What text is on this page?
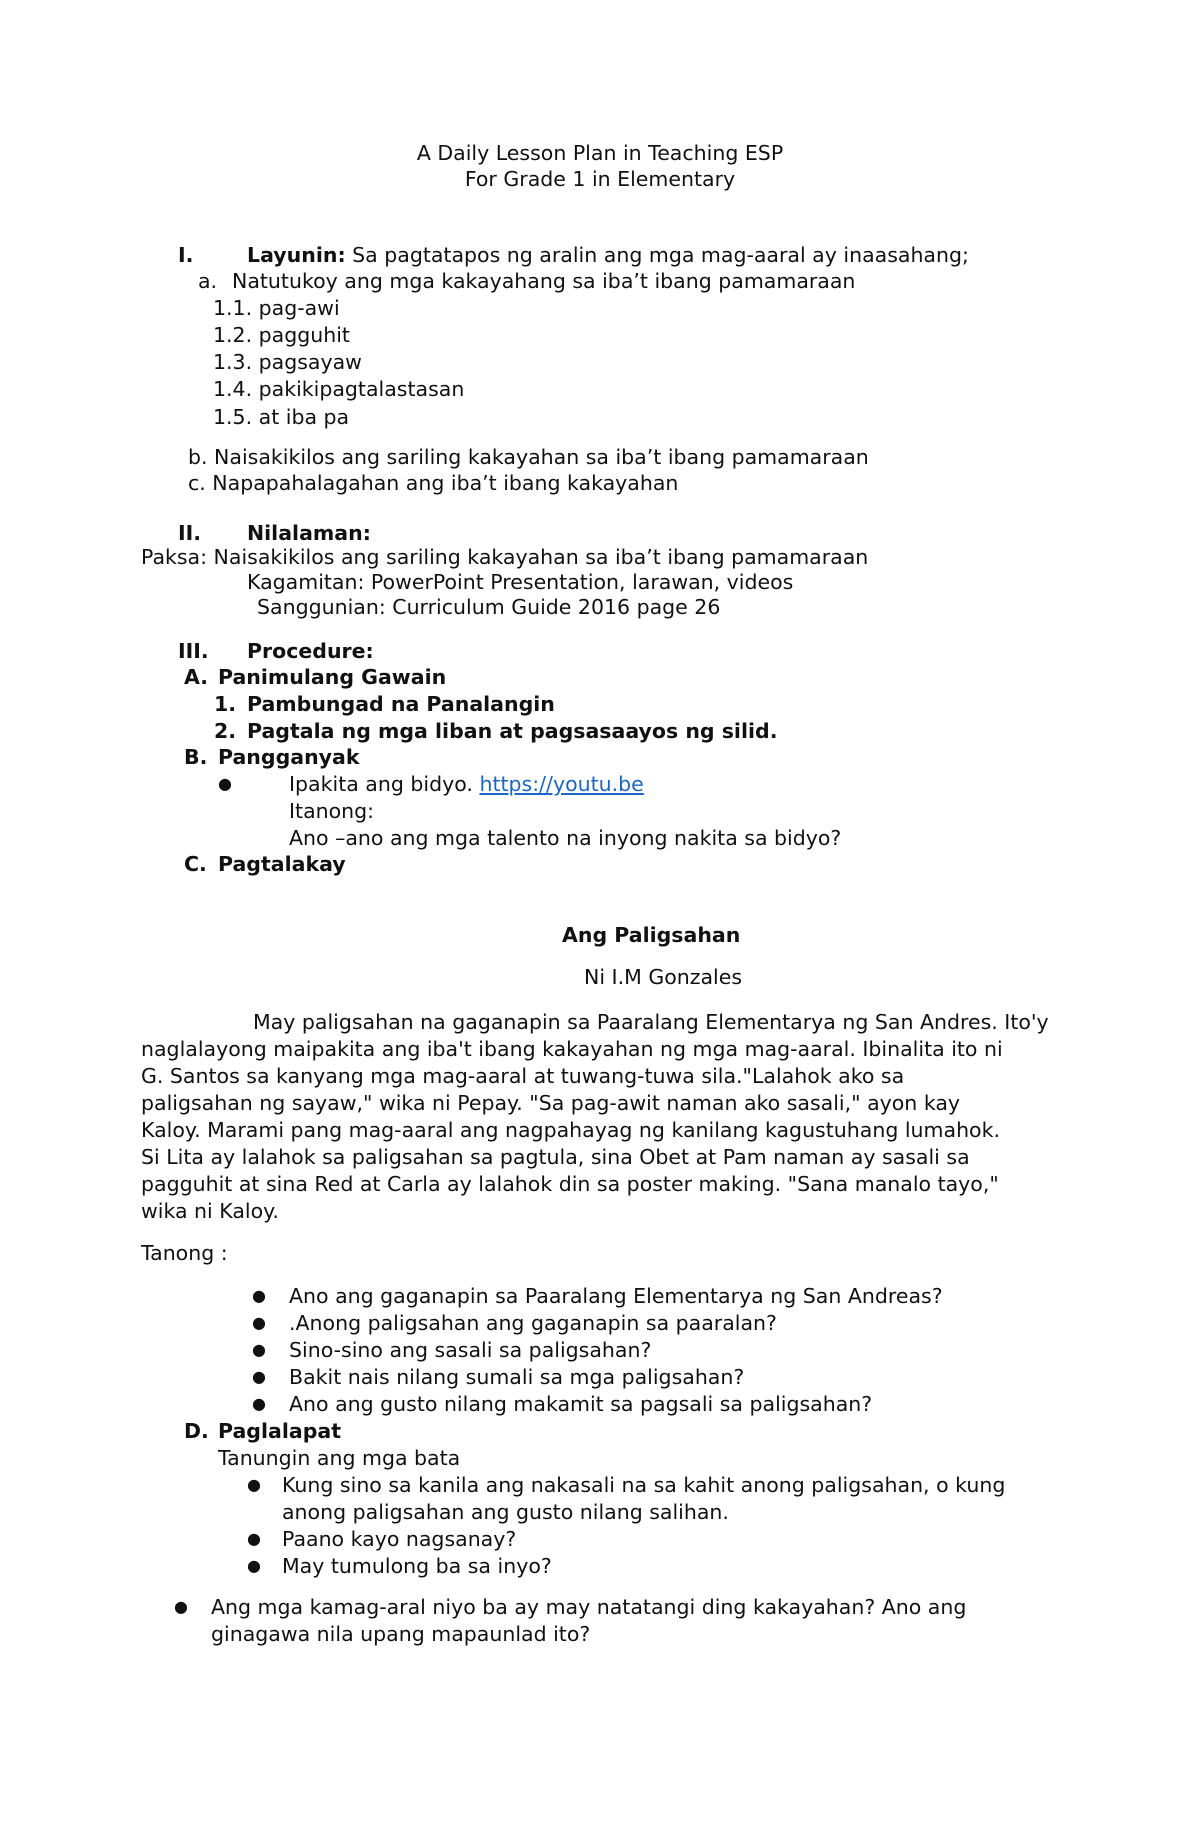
A Daily Lesson Plan in Teaching ESP
For Grade 1 in Elementary
I.	Layunin: Sa pagtatapos ng aralin ang mga mag-aaral ay inaasahang;
a. Natutukoy ang mga kakayahang sa iba’t ibang pamamaraan
1.1. pag-awi
1.2. pagguhit
1.3. pagsayaw
1.4. pakikipagtalastasan
1.5. at iba pa
b. Naisakikilos ang sariling kakayahan sa iba’t ibang pamamaraan
c. Napapahalagahan ang iba’t ibang kakayahan
II. Nilalaman:
Paksa: Naisakikilos ang sariling kakayahan sa iba’t ibang pamamaraan
Kagamitan: PowerPoint Presentation, larawan, videos
Sanggunian: Curriculum Guide 2016 page 26
III. Procedure:
A. Panimulang Gawain
1. Pambungad na Panalangin
2. Pagtala ng mga liban at pagsasaayos ng silid.
B. Pangganyak
●	Ipakita ang bidyo. https://youtu.be
Itanong:
Ano –ano ang mga talento na inyong nakita sa bidyo?
C. Pagtalakay
Ang Paligsahan
Ni I.M Gonzales
May paligsahan na gaganapin sa Paaralang Elementarya ng San Andres. Ito'y
naglalayong maipakita ang iba't ibang kakayahan ng mga mag-aaral. Ibinalita ito ni
G. Santos sa kanyang mga mag-aaral at tuwang-tuwa sila."Lalahok ako sa
paligsahan ng sayaw," wika ni Pepay. "Sa pag-awit naman ako sasali," ayon kay
Kaloy. Marami pang mag-aaral ang nagpahayag ng kanilang kagustuhang lumahok.
Si Lita ay lalahok sa paligsahan sa pagtula, sina Obet at Pam naman ay sasali sa
pagguhit at sina Red at Carla ay lalahok din sa poster making. "Sana manalo tayo,"
wika ni Kaloy.
Tanong :
● Ano ang gaganapin sa Paaralang Elementarya ng San Andreas?
● .Anong paligsahan ang gaganapin sa paaralan?
● Sino-sino ang sasali sa paligsahan?
● Bakit nais nilang sumali sa mga paligsahan?
● Ano ang gusto nilang makamit sa pagsali sa paligsahan?
D. Paglalapat
Tanungin ang mga bata
● Kung sino sa kanila ang nakasali na sa kahit anong paligsahan, o kung
anong paligsahan ang gusto nilang salihan.
● Paano kayo nagsanay?
● May tumulong ba sa inyo?
● Ang mga kamag-aral niyo ba ay may natatangi ding kakayahan? Ano ang
ginagawa nila upang mapaunlad ito?
